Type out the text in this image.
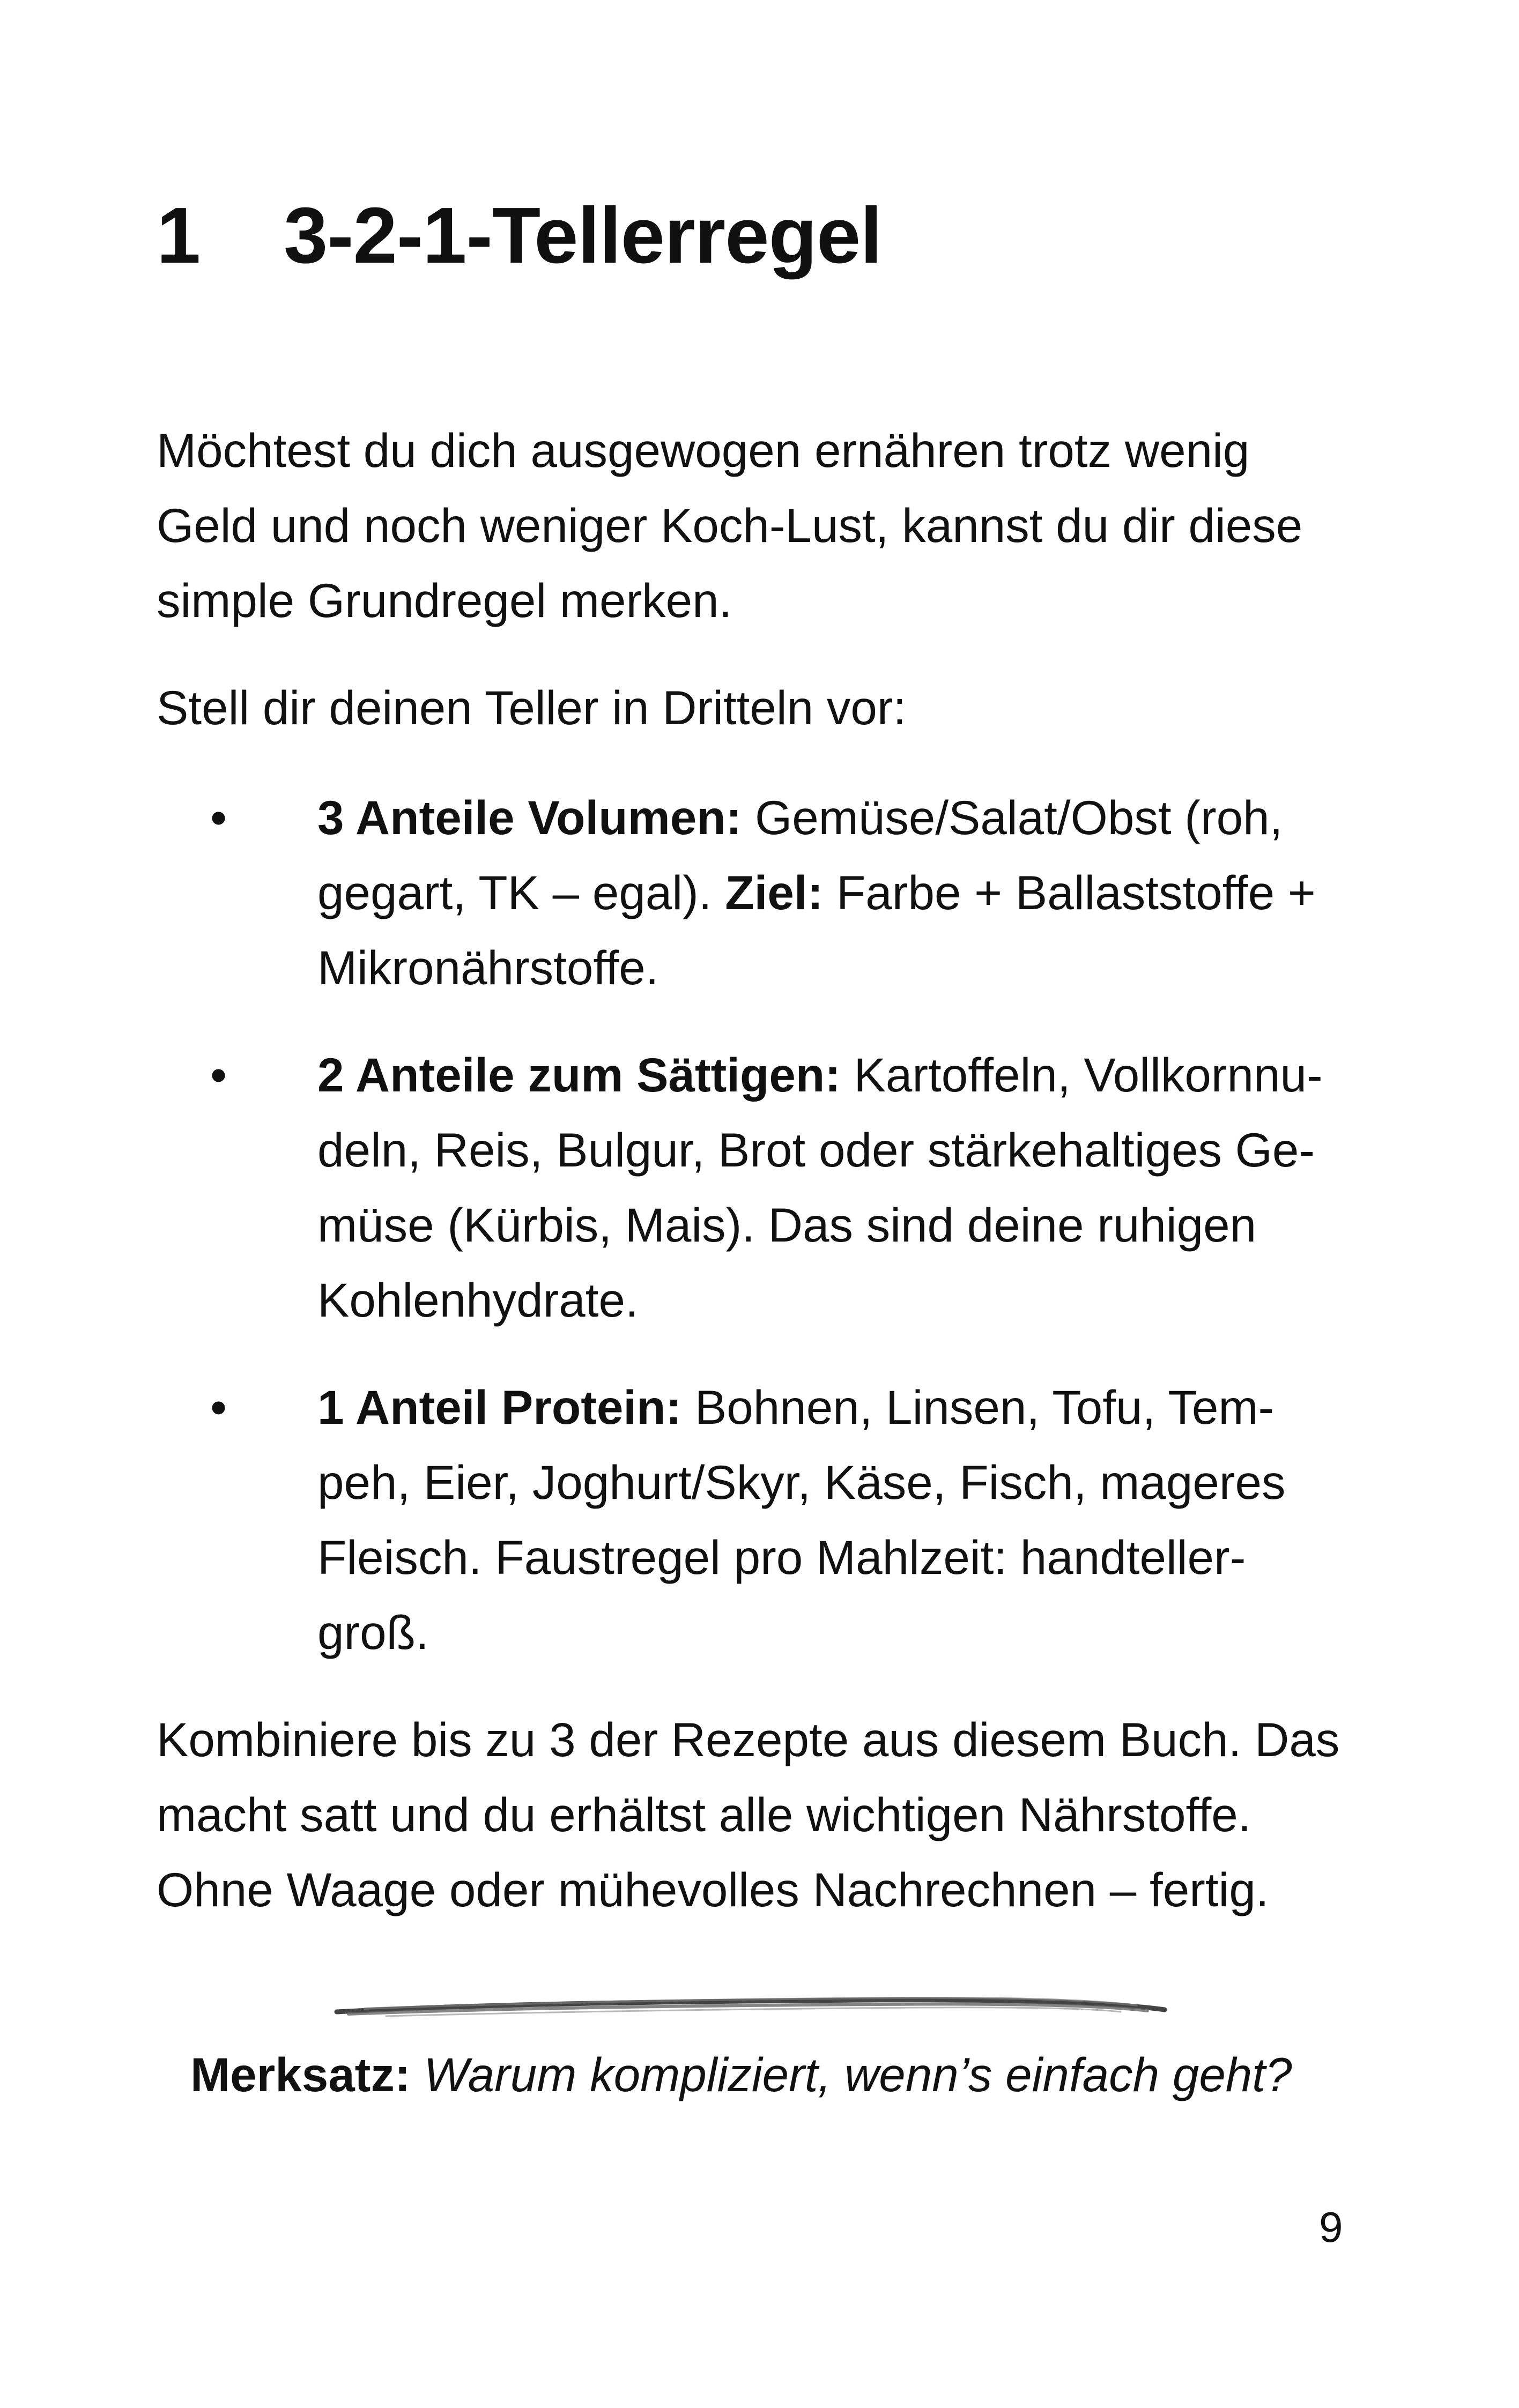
1 3-2-1-Tellerregel

Möchtest du dich ausgewogen ernähren trotz wenig
Geld und noch weniger Koch-Lust, kannst du dir diese
simple Grundregel merken.

Stell dir deinen Teller in Dritteln vor:

• 3 Anteile Volumen: Gemüse/Salat/Obst (roh,
gegart, TK – egal). Ziel: Farbe + Ballaststoffe +
Mikronährstoffe.
• 2 Anteile zum Sättigen: Kartoffeln, Vollkornnu-
deln, Reis, Bulgur, Brot oder stärkehaltiges Ge-
müse (Kürbis, Mais). Das sind deine ruhigen
Kohlenhydrate.
• 1 Anteil Protein: Bohnen, Linsen, Tofu, Tem-
peh, Eier, Joghurt/Skyr, Käse, Fisch, mageres
Fleisch. Faustregel pro Mahlzeit: handteller-
groß.

Kombiniere bis zu 3 der Rezepte aus diesem Buch. Das
macht satt und du erhältst alle wichtigen Nährstoffe.
Ohne Waage oder mühevolles Nachrechnen – fertig.

Merksatz: Warum kompliziert, wenn’s einfach geht?
9
